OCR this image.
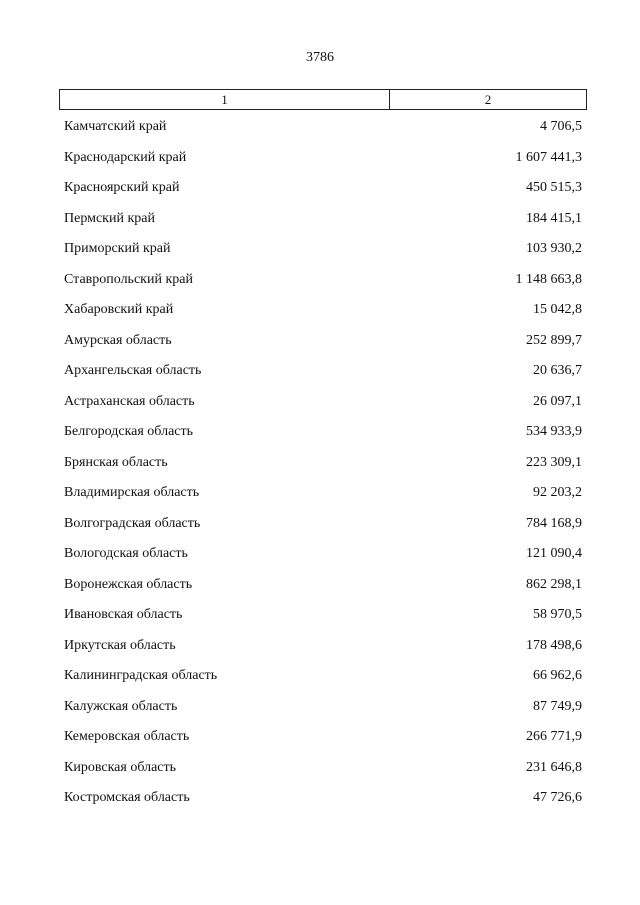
3786
1	2
Камчатский край	4 706,5
Краснодарский край	1 607 441,3
Красноярский край	450 515,3
Пермский край	184 415,1
Приморский край	103 930,2
Ставропольский край	1 148 663,8
Хабаровский край	15 042,8
Амурская область	252 899,7
Архангельская область	20 636,7
Астраханская область	26 097,1
Белгородская область	534 933,9
Брянская область	223 309,1
Владимирская область	92 203,2
Волгоградская область	784 168,9
Вологодская область	121 090,4
Воронежская область	862 298,1
Ивановская область	58 970,5
Иркутская область	178 498,6
Калининградская область	66 962,6
Калужская область	87 749,9
Кемеровская область	266 771,9
Кировская область	231 646,8
Костромская область	47 726,6
